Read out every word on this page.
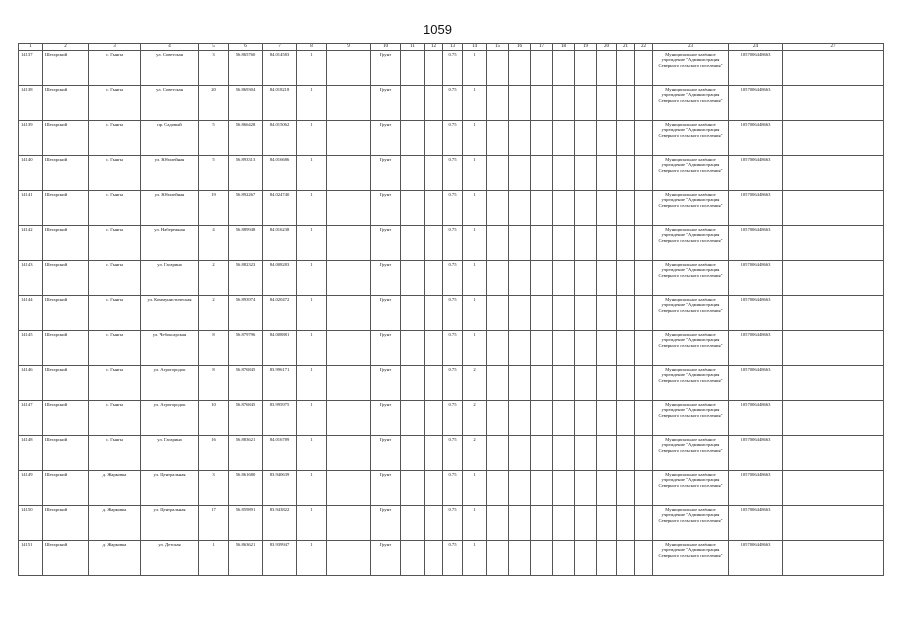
1059
1	2	3	4	5	6	7	8	9	10	11	12	13	14	15	16	17	18	19	20	21	22	23	24	27
14137	Шегарский	с. Гынгы	ул. Советская	3	56.865760	84.014583	1		Грунт			0.75	1									Муниципальное казённое учреждение "Администрация Северного сельского поселения"	1057006448663	
14138	Шегарский	с. Гынгы	ул. Советская	20	56.869304	84.018218	1		Грунт			0.75	1									Муниципальное казённое учреждение "Администрация Северного сельского поселения"	1057006448663	
14139	Шегарский	с. Гынгы	пр. Садовый	5	56.866428	84.015062	1		Грунт			0.75	1									Муниципальное казённое учреждение "Администрация Северного сельского поселения"	1057006448663	
14140	Шегарский	с. Гынгы	ул. Юбилейная	5	56.893313	84.016686	1		Грунт			0.75	1									Муниципальное казённое учреждение "Администрация Северного сельского поселения"	1057006448663	
14141	Шегарский	с. Гынгы	ул. Юбилейная	19	56.892267	84.024740	1		Грунт			0.75	1									Муниципальное казённое учреждение "Администрация Северного сельского поселения"	1057006448663	
14142	Шегарский	с. Гынгы	ул. Набережная	4	56.889948	84.016238	1		Грунт			0.75	1									Муниципальное казённое учреждение "Администрация Северного сельского поселения"	1057006448663	
14143	Шегарский	с. Гынгы	ул. Гагарина	2	56.882323	84.008283	1		Грунт			0.75	1									Муниципальное казённое учреждение "Администрация Северного сельского поселения"	1057006448663	
14144	Шегарский	с. Гынгы	ул. Коммунистическая	2	56.893974	84.020472	1		Грунт			0.75	1									Муниципальное казённое учреждение "Администрация Северного сельского поселения"	1057006448663	
14145	Шегарский	с. Гынгы	ул. Чебоксарская	8	56.879796	84.008881	1		Грунт			0.75	1									Муниципальное казённое учреждение "Администрация Северного сельского поселения"	1057006448663	
14146	Шегарский	с. Гынгы	ул. Агрогородок	8	56.876845	83.996171	1		Грунт			0.75	2									Муниципальное казённое учреждение "Администрация Северного сельского поселения"	1057006448663	
14147	Шегарский	с. Гынгы	ул. Агрогородок	10	56.876845	83.995975	1		Грунт			0.75	2									Муниципальное казённое учреждение "Администрация Северного сельского поселения"	1057006448663	
14148	Шегарский	с. Гынгы	ул. Гагарина	16	56.883621	84.016789	1		Грунт			0.75	2									Муниципальное казённое учреждение "Администрация Северного сельского поселения"	1057006448663	
14149	Шегарский	д. Жарковка	ул. Центральная	3	56.861680	83.940639	1		Грунт			0.75	1									Муниципальное казённое учреждение "Администрация Северного сельского поселения"	1057006448663	
14150	Шегарский	д. Жарковка	ул. Центральная	17	56.859891	83.943822	1		Грунт			0.75	1									Муниципальное казённое учреждение "Администрация Северного сельского поселения"	1057006448663	
14151	Шегарский	д. Жарковка	ул. Детская	1	56.863621	83.939947	1		Грунт			0.75	1									Муниципальное казённое учреждение "Администрация Северного сельского поселения"	1057006448663	
